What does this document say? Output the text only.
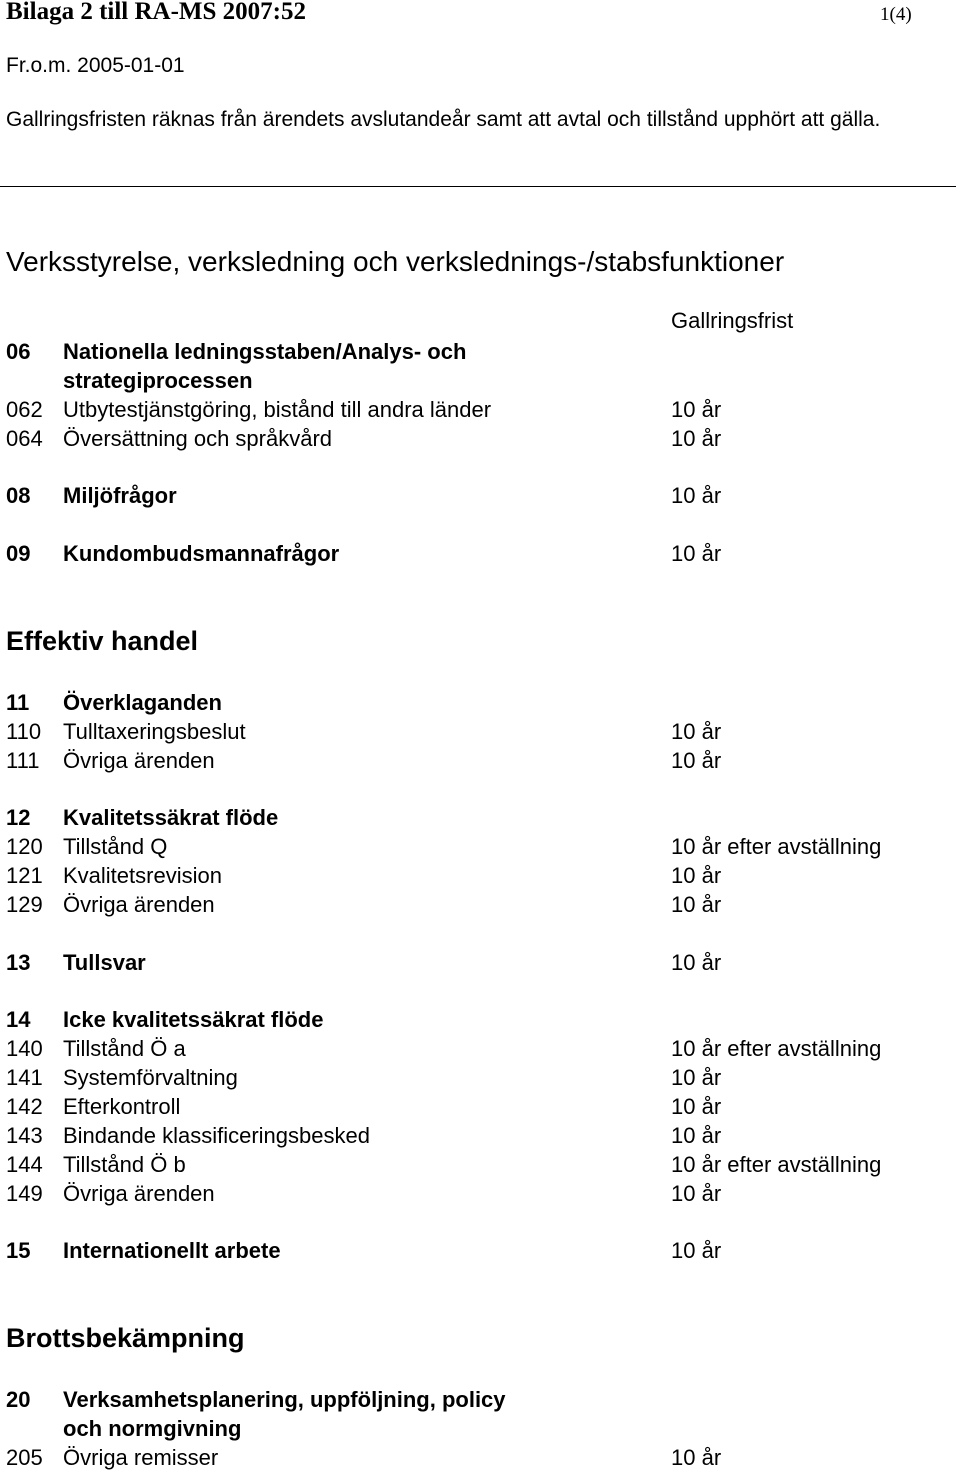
Bilaga 2 till RA-MS 2007:52	1(4)
Fr.o.m. 2005-01-01
Gallringsfristen räknas från ärendets avslutandeår samt att avtal och tillstånd upphört att gälla.
Verksstyrelse, verksledning och verkslednings-/stabsfunktioner
Gallringsfrist
06 Nationella ledningsstaben/Analys- och
strategiprocessen
062 Utbytestjänstgöring, bistånd till andra länder	10 år
064 Översättning och språkvård	10 år
08 Miljöfrågor	10 år
09 Kundombudsmannafrågor	10 år
Effektiv handel
11 Överklaganden
110 Tulltaxeringsbeslut	10 år
111 Övriga ärenden	10 år
12 Kvalitetssäkrat flöde
120 Tillstånd Q	10 år efter avställning
121 Kvalitetsrevision	10 år
129 Övriga ärenden	10 år
13 Tullsvar	10 år
14 Icke kvalitetssäkrat flöde
140 Tillstånd Ö a	10 år efter avställning
141 Systemförvaltning	10 år
142 Efterkontroll	10 år
143 Bindande klassificeringsbesked	10 år
144 Tillstånd Ö b	10 år efter avställning
149 Övriga ärenden	10 år
15 Internationellt arbete	10 år
Brottsbekämpning
20 Verksamhetsplanering, uppföljning, policy
och normgivning
205 Övriga remisser	10 år
